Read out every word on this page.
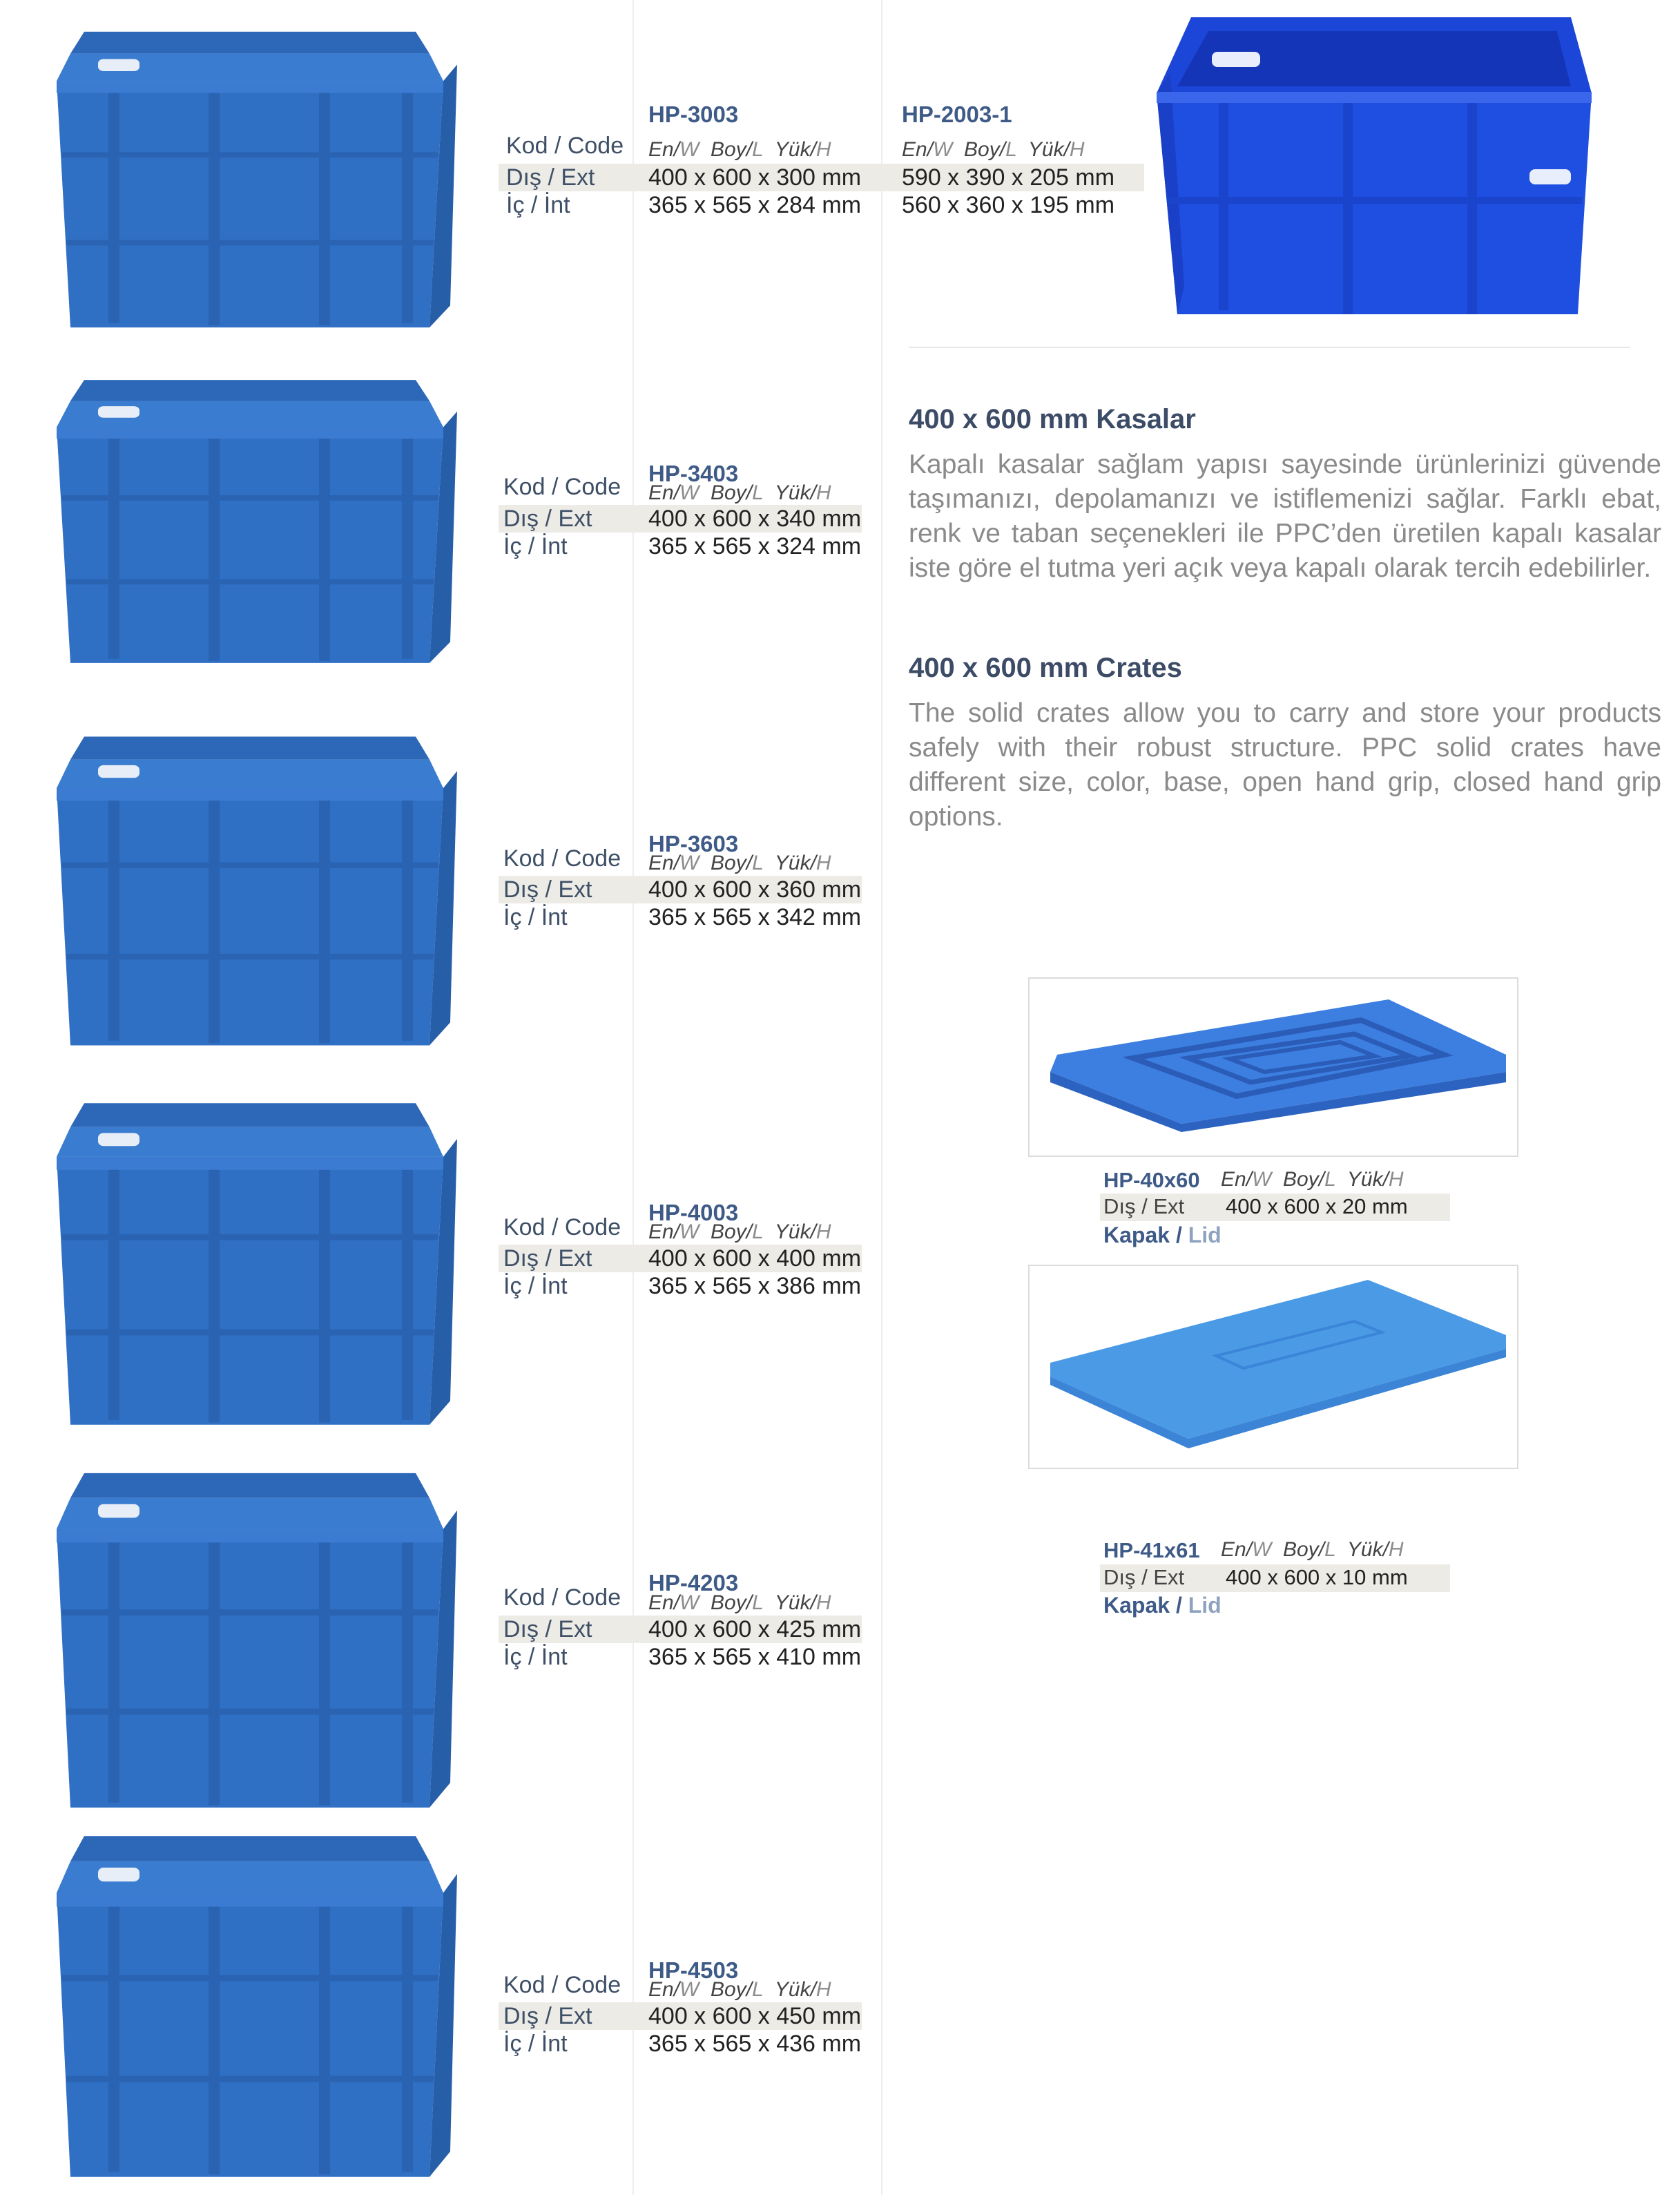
Kod / Code
Dış / Ext
İç / İnt
HP-3003
En/W Boy/L Yük/H
400 x 600 x 300 mm
365 x 565 x 284 mm
HP-2003-1
En/W Boy/L Yük/H
590 x 390 x 205 mm
560 x 360 x 195 mm
Kod / Code
Dış / Ext
İç / İnt
HP-3403
En/W Boy/L Yük/H
400 x 600 x 340 mm
365 x 565 x 324 mm
Kod / Code
Dış / Ext
İç / İnt
HP-3603
En/W Boy/L Yük/H
400 x 600 x 360 mm
365 x 565 x 342 mm
Kod / Code
Dış / Ext
İç / İnt
HP-4003
En/W Boy/L Yük/H
400 x 600 x 400 mm
365 x 565 x 386 mm
Kod / Code
Dış / Ext
İç / İnt
HP-4203
En/W Boy/L Yük/H
400 x 600 x 425 mm
365 x 565 x 410 mm
Kod / Code
Dış / Ext
İç / İnt
HP-4503
En/W Boy/L Yük/H
400 x 600 x 450 mm
365 x 565 x 436 mm
400 x 600 mm Kasalar
Kapalı kasalar sağlam yapısı sayesinde ürünlerinizi güvende taşımanızı, depolamanızı ve istiflemenizi sağlar. Farklı ebat, renk ve taban seçenekleri ile PPC’den üretilen kapalı kasalar iste göre el tutma yeri açık veya kapalı olarak tercih edebilirler.
400 x 600 mm Crates
The solid crates allow you to carry and store your products safely with their robust structure. PPC solid crates have different size, color, base, open hand grip, closed hand grip options.
HP-40x60 En/W Boy/L Yük/H
Dış / Ext 400 x 600 x 20 mm
Kapak / Lid
HP-41x61 En/W Boy/L Yük/H
Dış / Ext 400 x 600 x 10 mm
Kapak / Lid
